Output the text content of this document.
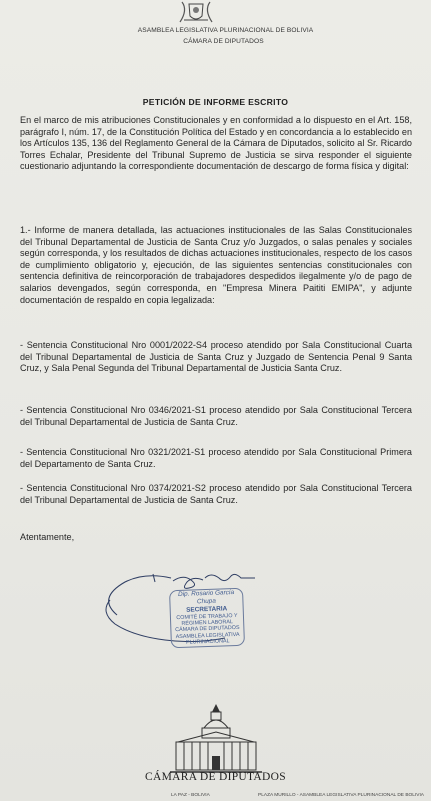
ASAMBLEA LEGISLATIVA PLURINACIONAL DE BOLIVIA
CÁMARA DE DIPUTADOS
PETICIÓN DE INFORME ESCRITO
En el marco de mis atribuciones Constitucionales y en conformidad a lo dispuesto en el Art. 158, parágrafo I, núm. 17, de la Constitución Política del Estado y en concordancia a lo establecido en los Artículos 135, 136 del Reglamento General de la Cámara de Diputados, solicito al Sr. Ricardo Torres Echalar, Presidente del Tribunal Supremo de Justicia se sirva responder el siguiente cuestionario adjuntando la correspondiente documentación de descargo de forma física y digital:
1.- Informe de manera detallada, las actuaciones institucionales de las Salas Constitucionales del Tribunal Departamental de Justicia de Santa Cruz y/o Juzgados, o salas penales y sociales según corresponda, y los resultados de dichas actuaciones institucionales, respecto de los casos de cumplimiento obligatorio y, ejecución, de las siguientes sentencias constitucionales con sentencia definitiva de reincorporación de trabajadores despedidos ilegalmente y/o de pago de salarios devengados, según corresponda, en "Empresa Minera Paititi EMIPA", y adjunte documentación de respaldo en copia legalizada:
- Sentencia Constitucional Nro 0001/2022-S4 proceso atendido por Sala Constitucional Cuarta del Tribunal Departamental de Justicia de Santa Cruz y Juzgado de Sentencia Penal 9 Santa Cruz, y Sala Penal Segunda del Tribunal Departamental de Justicia Santa Cruz.
- Sentencia Constitucional Nro 0346/2021-S1 proceso atendido por Sala Constitucional Tercera del Tribunal Departamental de Justicia de Santa Cruz.
- Sentencia Constitucional Nro 0321/2021-S1 proceso atendido por Sala Constitucional Primera del Departamento de Santa Cruz.
- Sentencia Constitucional Nro 0374/2021-S2 proceso atendido por Sala Constitucional Tercera del Tribunal Departamental de Justicia de Santa Cruz.
Atentamente,
Dip. Rosario García Chupa
SECRETARIA
COMITÉ DE TRABAJO Y RÉGIMEN LABORAL
CÁMARA DE DIPUTADOS
ASAMBLEA LEGISLATIVA PLURINACIONAL
CÁMARA DE DIPUTADOS
LA PAZ - BOLIVIA	PLAZA MURILLO - ASAMBLEA LEGISLATIVA PLURINACIONAL DE BOLIVIA
